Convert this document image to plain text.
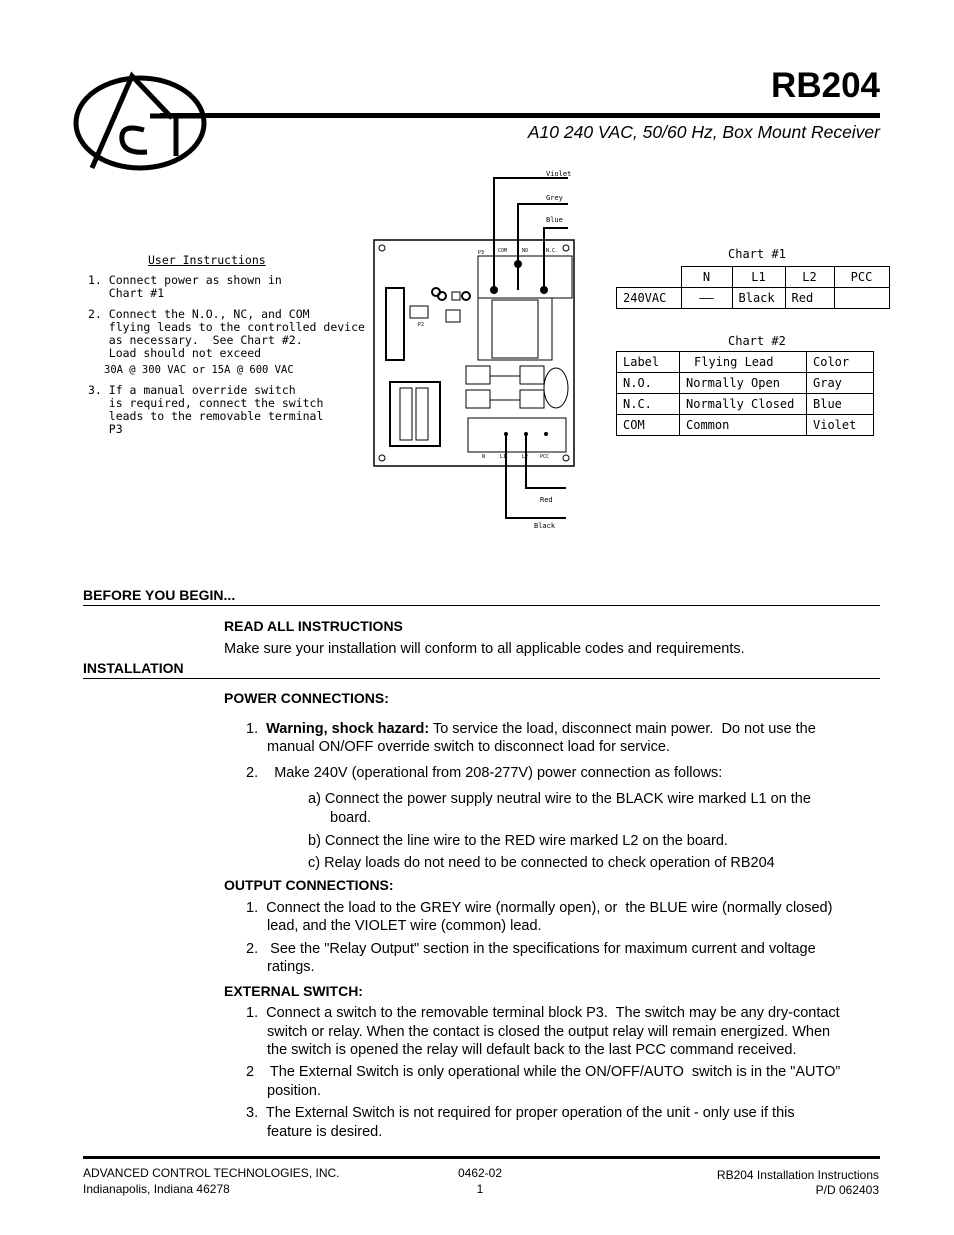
RB204
A10 240 VAC, 50/60 Hz, Box Mount Receiver
User Instructions
1. Connect power as shown in
Chart #1
2. Connect the N.O., NC, and COM
flying leads to the controlled device
as necessary.  See Chart #2.
Load should not exceed
30A @ 300 VAC or 15A @ 600 VAC
3. If a manual override switch
is required, connect the switch
leads to the removable terminal
P3
Violet
Grey
Blue
P3	COM	NO	N.C.
P2
N	L1	L2 PCC
Red
Black
Chart #1
	N	L1	L2	PCC
240VAC	——	Black	Red	
Chart #2
Label	Flying Lead	Color
N.O.	Normally Open	Gray
N.C.	Normally Closed	Blue
COM	Common	Violet
BEFORE YOU BEGIN...
READ ALL INSTRUCTIONS
Make sure your installation will conform to all applicable codes and requirements.
INSTALLATION
POWER CONNECTIONS:
1. Warning, shock hazard: To service the load, disconnect main power.  Do not use the
manual ON/OFF override switch to disconnect load for service.
2.    Make 240V (operational from 208-277V) power connection as follows:
a) Connect the power supply neutral wire to the BLACK wire marked L1 on the
board.
b) Connect the line wire to the RED wire marked L2 on the board.
c) Relay loads do not need to be connected to check operation of RB204
OUTPUT CONNECTIONS:
1.  Connect the load to the GREY wire (normally open), or  the BLUE wire (normally closed)
lead, and the VIOLET wire (common) lead.
2.   See the "Relay Output" section in the specifications for maximum current and voltage
ratings.
EXTERNAL SWITCH:
1.  Connect a switch to the removable terminal block P3.  The switch may be any dry-contact
switch or relay. When the contact is closed the output relay will remain energized. When
the switch is opened the relay will default back to the last PCC command received.
2    The External Switch is only operational while the ON/OFF/AUTO  switch is in the "AUTO”
position.
3.  The External Switch is not required for proper operation of the unit - only use if this
feature is desired.
ADVANCED CONTROL TECHNOLOGIES, INC.
Indianapolis, Indiana 46278
0462-02
1
RB204 Installation Instructions
P/D 062403
